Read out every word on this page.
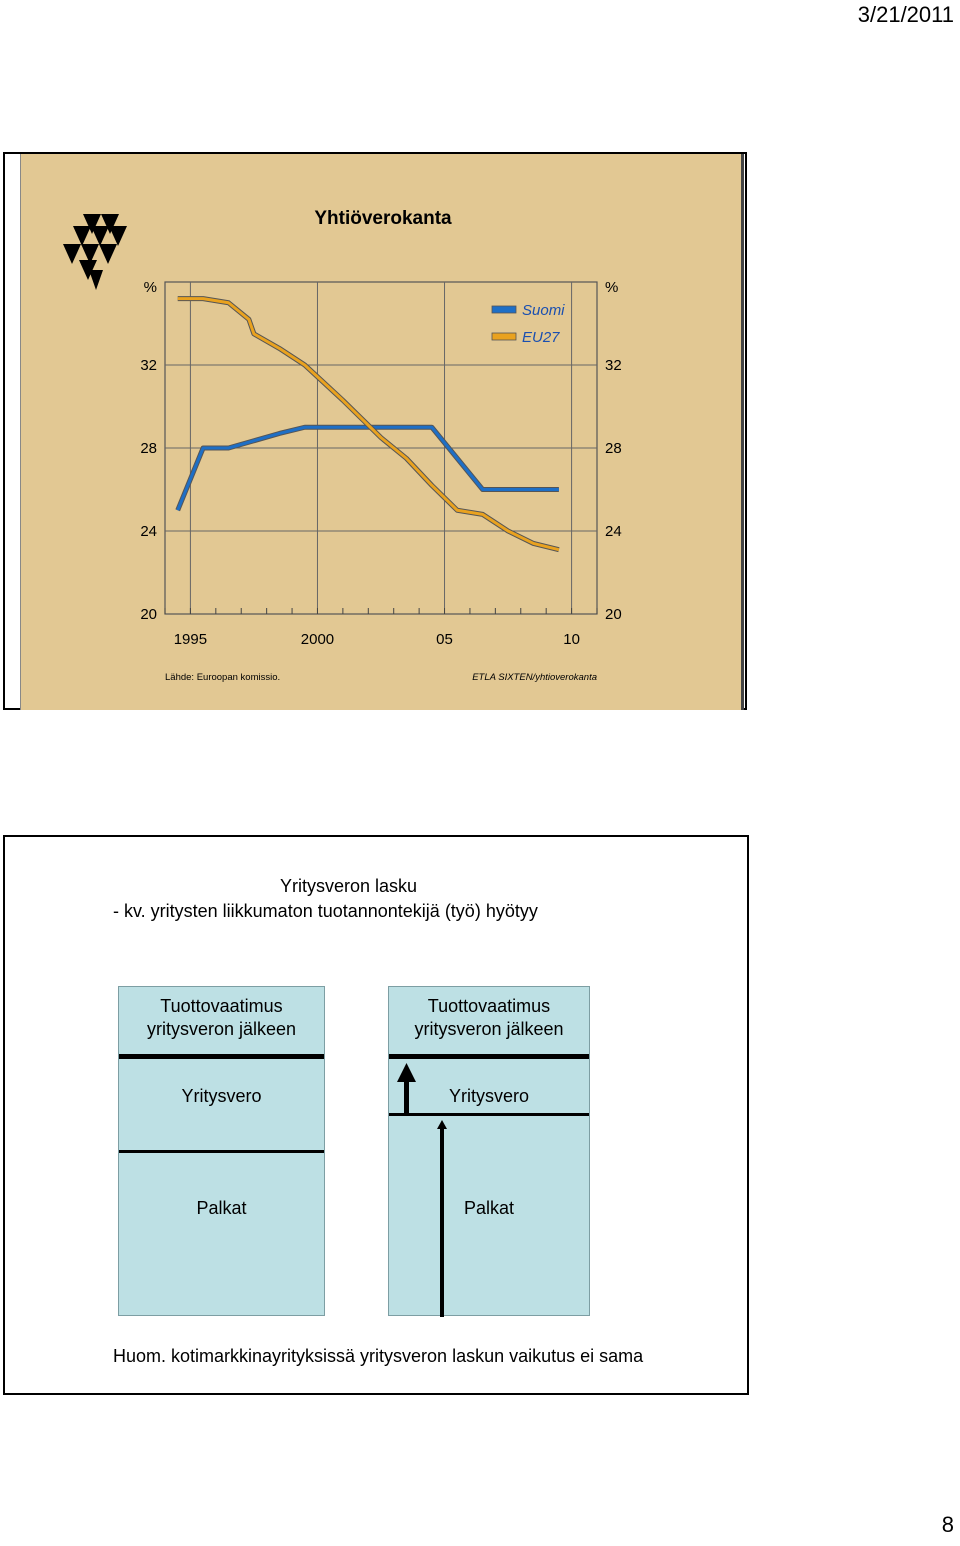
3/21/2011
Yhtiöverokanta
20	20
24	24
28	28
32	32
%	%
1995	2000	05	10
Suomi
EU27
Lähde: Euroopan komissio.	ETLA SIXTEN/yhtioverokanta
Yritysveron lasku
- kv. yritysten liikkumaton tuotannontekijä (työ) hyötyy
Tuottovaatimus
yritysveron jälkeen
Yritysvero
Palkat
Tuottovaatimus
yritysveron jälkeen
Yritysvero
Palkat
Huom. kotimarkkinayrityksissä yritysveron laskun vaikutus ei sama
8
